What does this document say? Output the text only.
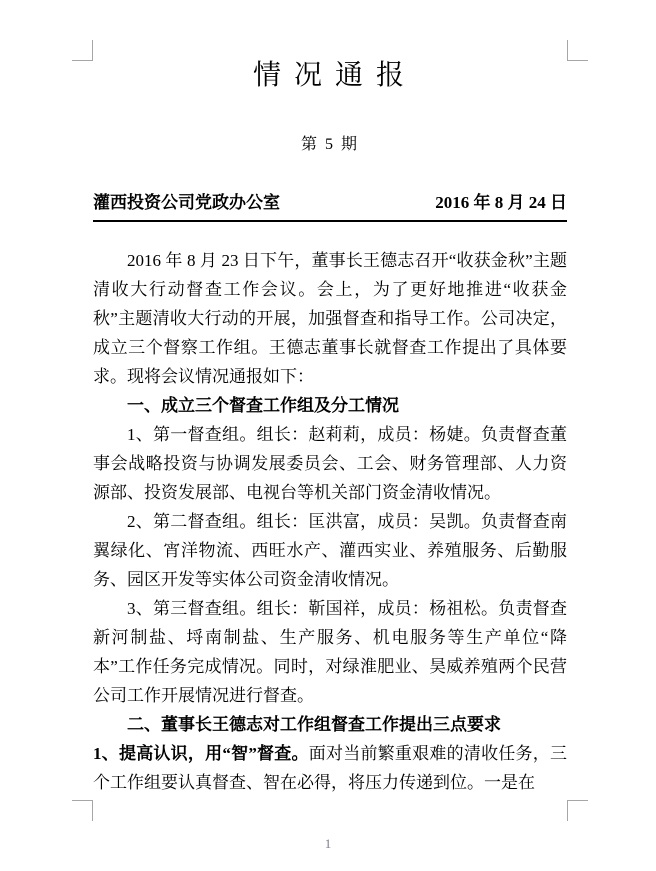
情 况 通 报
第 5 期
灌西投资公司党政办公室	2016 年 8 月 24 日

2016 年 8 月 23 日下午，董事长王德志召开“收获金秋”主题清收大行动督查工作会议。会上，为了更好地推进“收获金秋”主题清收大行动的开展，加强督查和指导工作。公司决定，成立三个督察工作组。王德志董事长就督查工作提出了具体要求。现将会议情况通报如下：

一、成立三个督查工作组及分工情况

1、第一督查组。组长：赵莉莉，成员：杨婕。负责督查董事会战略投资与协调发展委员会、工会、财务管理部、人力资源部、投资发展部、电视台等机关部门资金清收情况。

2、第二督查组。组长：匡洪富，成员：吴凯。负责督查南翼绿化、宵洋物流、西旺水产、灌西实业、养殖服务、后勤服务、园区开发等实体公司资金清收情况。

3、第三督查组。组长：靳国祥，成员：杨祖松。负责督查新河制盐、埒南制盐、生产服务、机电服务等生产单位“降本”工作任务完成情况。同时，对绿淮肥业、昊威养殖两个民营公司工作开展情况进行督查。

二、董事长王德志对工作组督查工作提出三点要求

1、提高认识，用“智”督查。面对当前繁重艰难的清收任务，三个工作组要认真督查、智在必得，将压力传递到位。一是在

1
